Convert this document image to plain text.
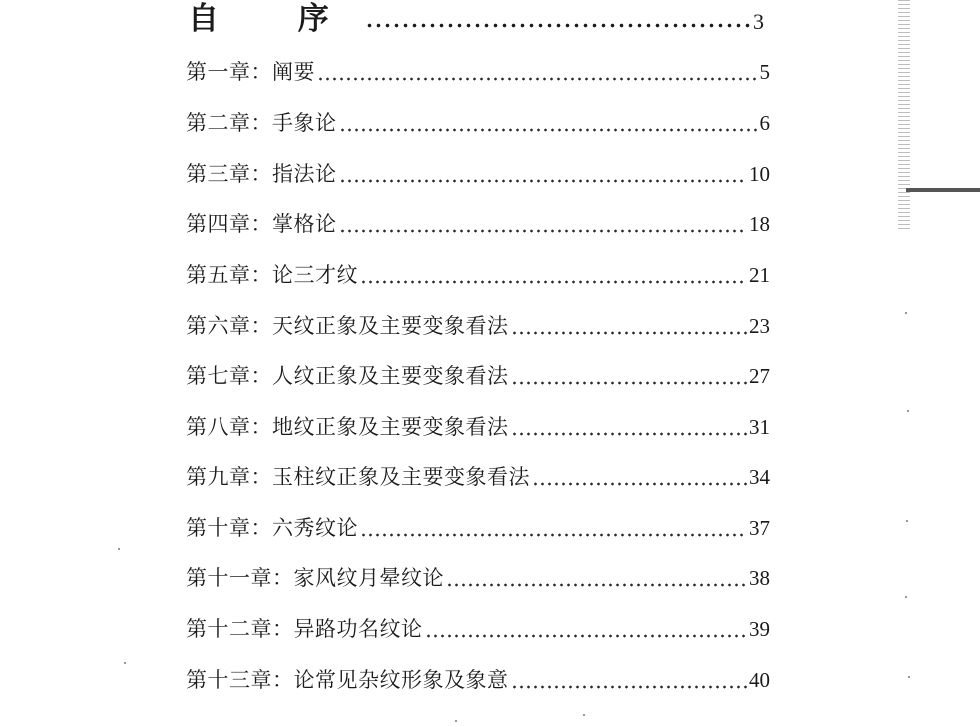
自 序	3
第一章：阐要	5
第二章：手象论	6
第三章：指法论	10
第四章：掌格论	18
第五章：论三才纹	21
第六章：天纹正象及主要变象看法	23
第七章：人纹正象及主要变象看法	27
第八章：地纹正象及主要变象看法	31
第九章：玉柱纹正象及主要变象看法	34
第十章：六秀纹论	37
第十一章：家风纹月晕纹论	38
第十二章：异路功名纹论	39
第十三章：论常见杂纹形象及象意	40
